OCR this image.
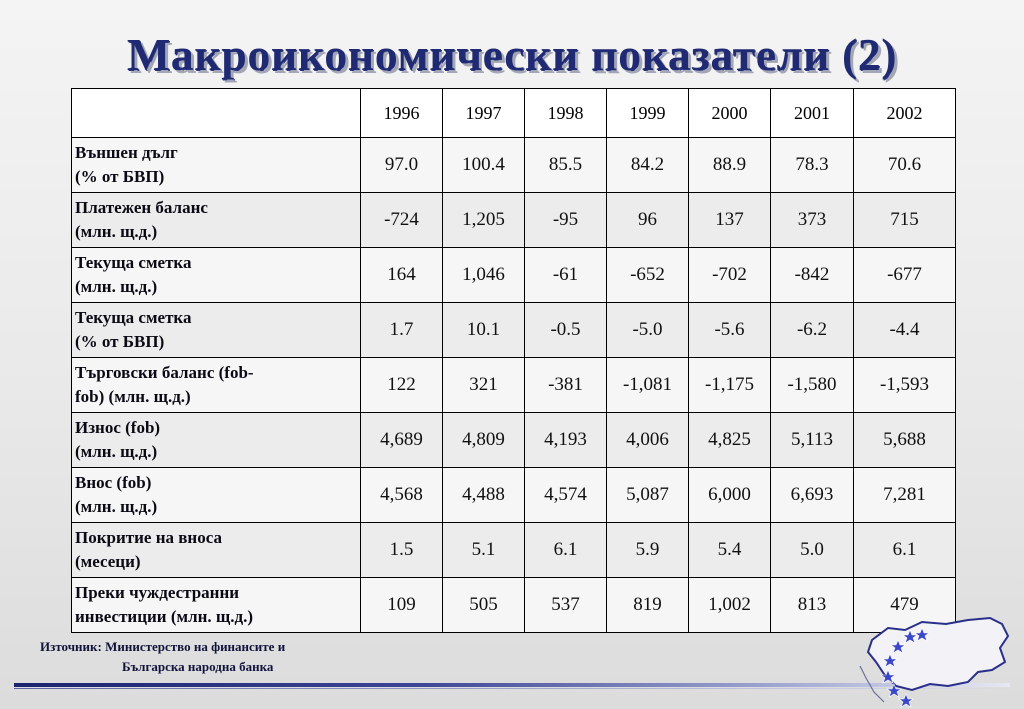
Макроикономически показатели (2)
	1996	1997	1998	1999	2000	2001	2002
Външен дълг
(% от БВП)	97.0	100.4	85.5	84.2	88.9	78.3	70.6
Платежен баланс
(млн. щ.д.)	-724	1,205	-95	96	137	373	715
Текуща сметка
(млн. щ.д.)	164	1,046	-61	-652	-702	-842	-677
Текуща сметка
(% от БВП)	1.7	10.1	-0.5	-5.0	-5.6	-6.2	-4.4
Търговски баланс (fob-
fob) (млн. щ.д.)	122	321	-381	-1,081	-1,175	-1,580	-1,593
Износ (fob)
(млн. щ.д.)	4,689	4,809	4,193	4,006	4,825	5,113	5,688
Внос (fob)
(млн. щ.д.)	4,568	4,488	4,574	5,087	6,000	6,693	7,281
Покритие на вноса
(месеци)	1.5	5.1	6.1	5.9	5.4	5.0	6.1
Преки чуждестранни
инвестиции (млн. щ.д.)	109	505	537	819	1,002	813	479
Източник: Министерство на финансите и
Българска народна банка
